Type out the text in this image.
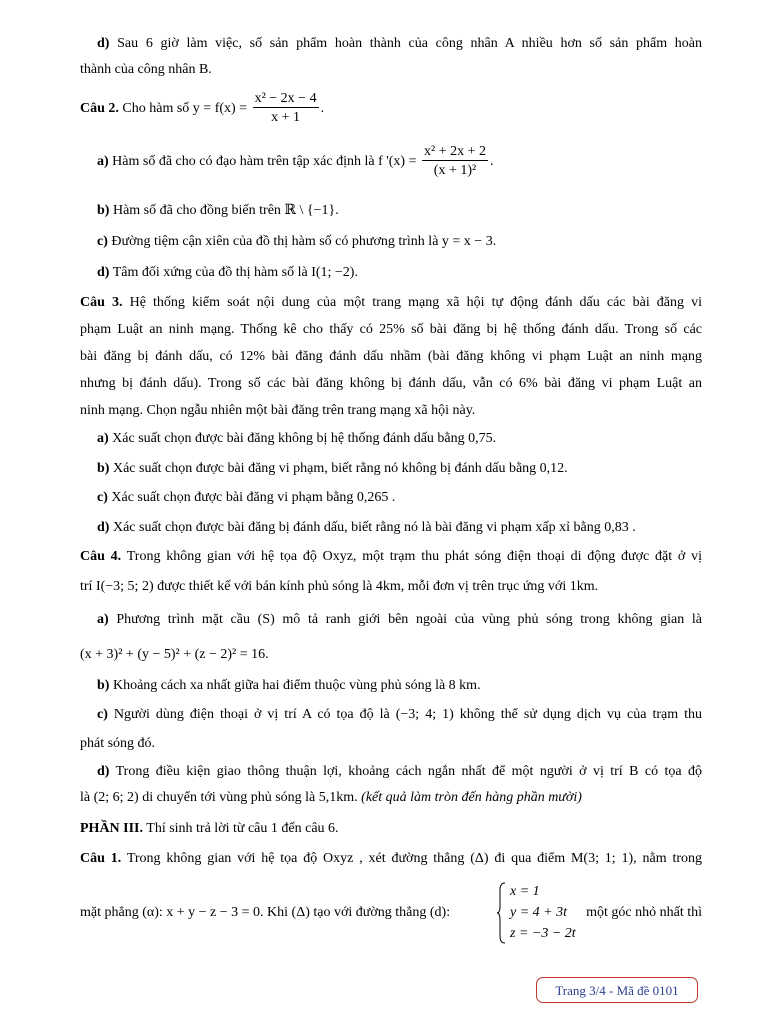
d) Sau 6 giờ làm việc, số sản phẩm hoàn thành của công nhân A nhiều hơn số sản phẩm hoàn
thành của công nhân B.
Câu 2. Cho hàm số $y = f(x) = \frac{\text{x² − 2x − 4}}{x + 1}$ .
a) Hàm số đã cho có đạo hàm trên tập xác định là f '$(x) = \frac{\text{x² + 2x + 2}}{\text{(x + 1)²}}$ .
b) Hàm số đã cho đồng biến trên ℝ \ {−1}.
c) Đường tiệm cận xiên của đồ thị hàm số có phương trình là y = x − 3.
d) Tâm đối xứng của đồ thị hàm số là I(1; −2).
Câu 3. Hệ thống kiểm soát nội dung của một trang mạng xã hội tự động đánh dấu các bài đăng vi
phạm Luật an ninh mạng. Thống kê cho thấy có 25% số bài đăng bị hệ thống đánh dấu. Trong số các
bài đăng bị đánh dấu, có 12% bài đăng đánh dấu nhầm (bài đăng không vi phạm Luật an ninh mạng
nhưng bị đánh dấu). Trong số các bài đăng không bị đánh dấu, vẫn có 6% bài đăng vi phạm Luật an
ninh mạng. Chọn ngẫu nhiên một bài đăng trên trang mạng xã hội này.
a) Xác suất chọn được bài đăng không bị hệ thống đánh dấu bằng 0,75.
b) Xác suất chọn được bài đăng vi phạm, biết rằng nó không bị đánh dấu bằng 0,12.
c) Xác suất chọn được bài đăng vi phạm bằng 0,265 .
d) Xác suất chọn được bài đăng bị đánh dấu, biết rằng nó là bài đăng vi phạm xấp xỉ bằng 0,83 .
Câu 4. Trong không gian với hệ tọa độ Oxyz, một trạm thu phát sóng điện thoại di động được đặt ở vị
trí I(−3; 5; 2) được thiết kế với bán kính phủ sóng là 4km, mỗi đơn vị trên trục ứng với 1km.
a) Phương trình mặt cầu (S) mô tả ranh giới bên ngoài của vùng phủ sóng trong không gian là
(x + 3)² + (y − 5)² + (z − 2)² = 16.
b) Khoảng cách xa nhất giữa hai điểm thuộc vùng phủ sóng là 8 km.
c) Người dùng điện thoại ở vị trí A có tọa độ là (−3; 4; 1) không thể sử dụng dịch vụ của trạm thu
phát sóng đó.
d) Trong điều kiện giao thông thuận lợi, khoảng cách ngắn nhất để một người ở vị trí B có tọa độ
là (2; 6; 2) di chuyển tới vùng phủ sóng là 5,1km. (kết quả làm tròn đến hàng phần mười)
PHẦN III. Thí sinh trả lời từ câu 1 đến câu 6.
Câu 1. Trong không gian với hệ tọa độ Oxyz , xét đường thẳng (Δ) đi qua điểm M(3; 1; 1), nằm trong
mặt phẳng (α): x + y − z − 3 = 0. Khi (Δ) tạo với đường thẳng (d):
x = 1
y = 4 + 3t
z = −3 − 2t
một góc nhỏ nhất thì
Trang 3/4 - Mã đề 0101
